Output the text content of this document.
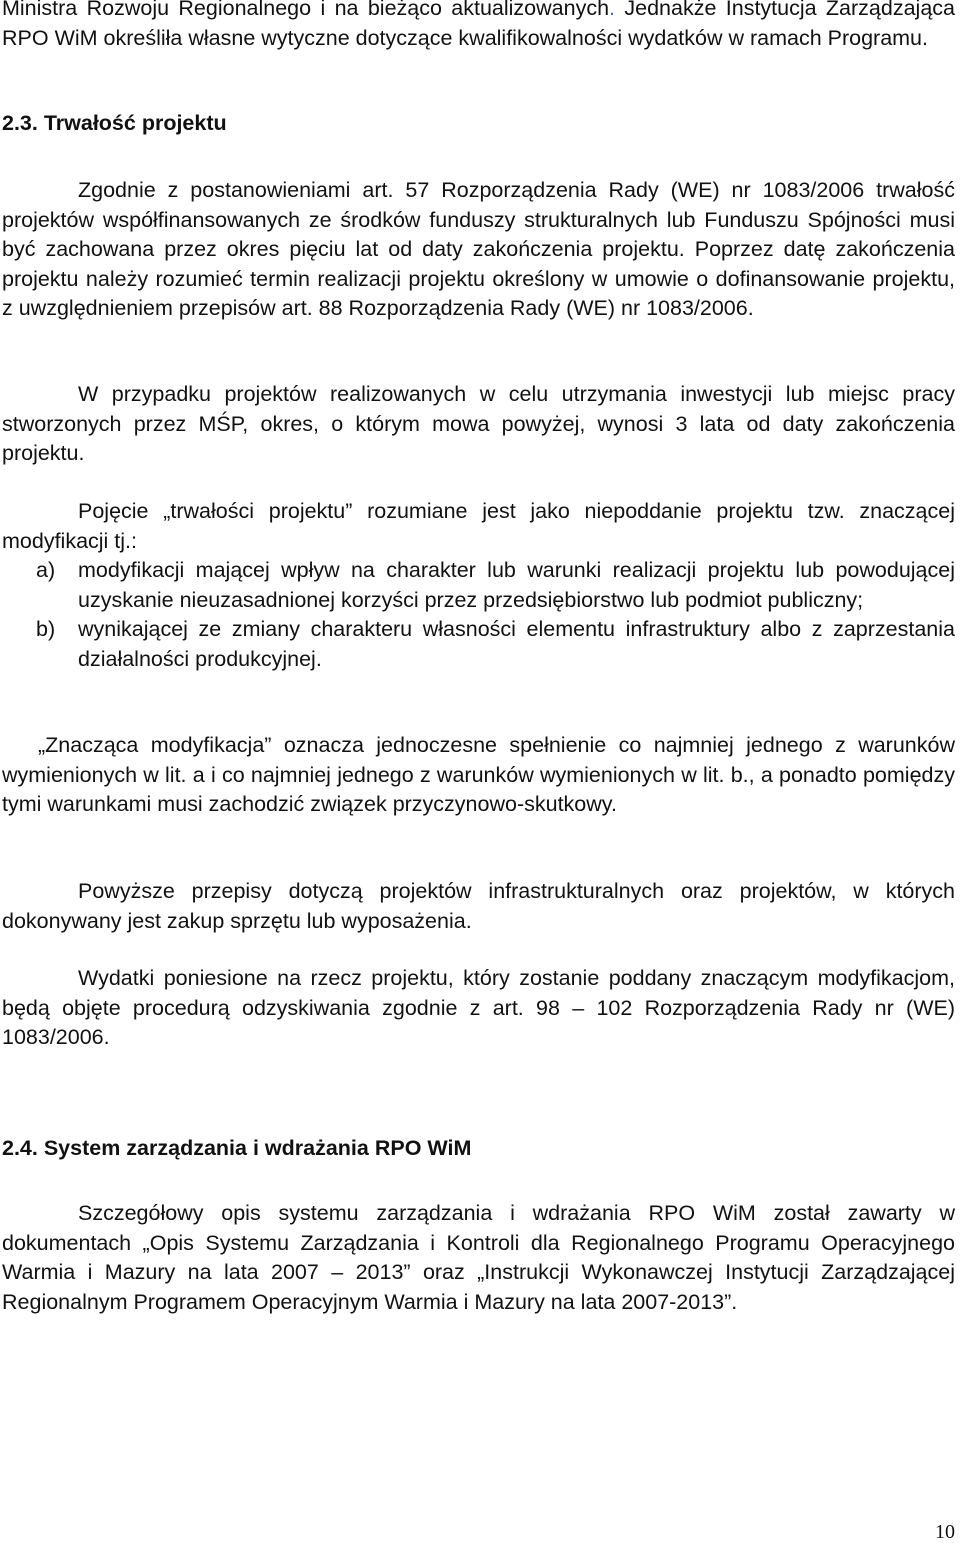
Ministra Rozwoju Regionalnego i na bieżąco aktualizowanych. Jednakże Instytucja Zarządzająca RPO WiM określiła własne wytyczne dotyczące kwalifikowalności wydatków w ramach Programu.

2.3. Trwałość projektu

Zgodnie z postanowieniami art. 57 Rozporządzenia Rady (WE) nr 1083/2006 trwałość projektów współfinansowanych ze środków funduszy strukturalnych lub Funduszu Spójności musi być zachowana przez okres pięciu lat od daty zakończenia projektu. Poprzez datę zakończenia projektu należy rozumieć termin realizacji projektu określony w umowie o dofinansowanie projektu, z uwzględnieniem przepisów art. 88 Rozporządzenia Rady (WE) nr 1083/2006.

W przypadku projektów realizowanych w celu utrzymania inwestycji lub miejsc pracy stworzonych przez MŚP, okres, o którym mowa powyżej, wynosi 3 lata od daty zakończenia projektu.

Pojęcie „trwałości projektu” rozumiane jest jako niepoddanie projektu tzw. znaczącej modyfikacji tj.:

a)	modyfikacji mającej wpływ na charakter lub warunki realizacji projektu lub powodującej uzyskanie nieuzasadnionej korzyści przez przedsiębiorstwo lub podmiot publiczny;
b)	wynikającej ze zmiany charakteru własności elementu infrastruktury albo z zaprzestania działalności produkcyjnej.

„Znacząca modyfikacja” oznacza jednoczesne spełnienie co najmniej jednego z warunków wymienionych w lit. a i co najmniej jednego z warunków wymienionych w lit. b., a ponadto pomiędzy tymi warunkami musi zachodzić związek przyczynowo-skutkowy.

Powyższe przepisy dotyczą projektów infrastrukturalnych oraz projektów, w których dokonywany jest zakup sprzętu lub wyposażenia.

Wydatki poniesione na rzecz projektu, który zostanie poddany znaczącym modyfikacjom, będą objęte procedurą odzyskiwania zgodnie z art. 98 – 102 Rozporządzenia Rady nr (WE) 1083/2006.

2.4. System zarządzania i wdrażania RPO WiM

Szczegółowy opis systemu zarządzania i wdrażania RPO WiM został zawarty w dokumentach „Opis Systemu Zarządzania i Kontroli dla Regionalnego Programu Operacyjnego Warmia i Mazury na lata 2007 – 2013” oraz „Instrukcji Wykonawczej Instytucji Zarządzającej Regionalnym Programem Operacyjnym Warmia i Mazury na lata 2007-2013”.

10
